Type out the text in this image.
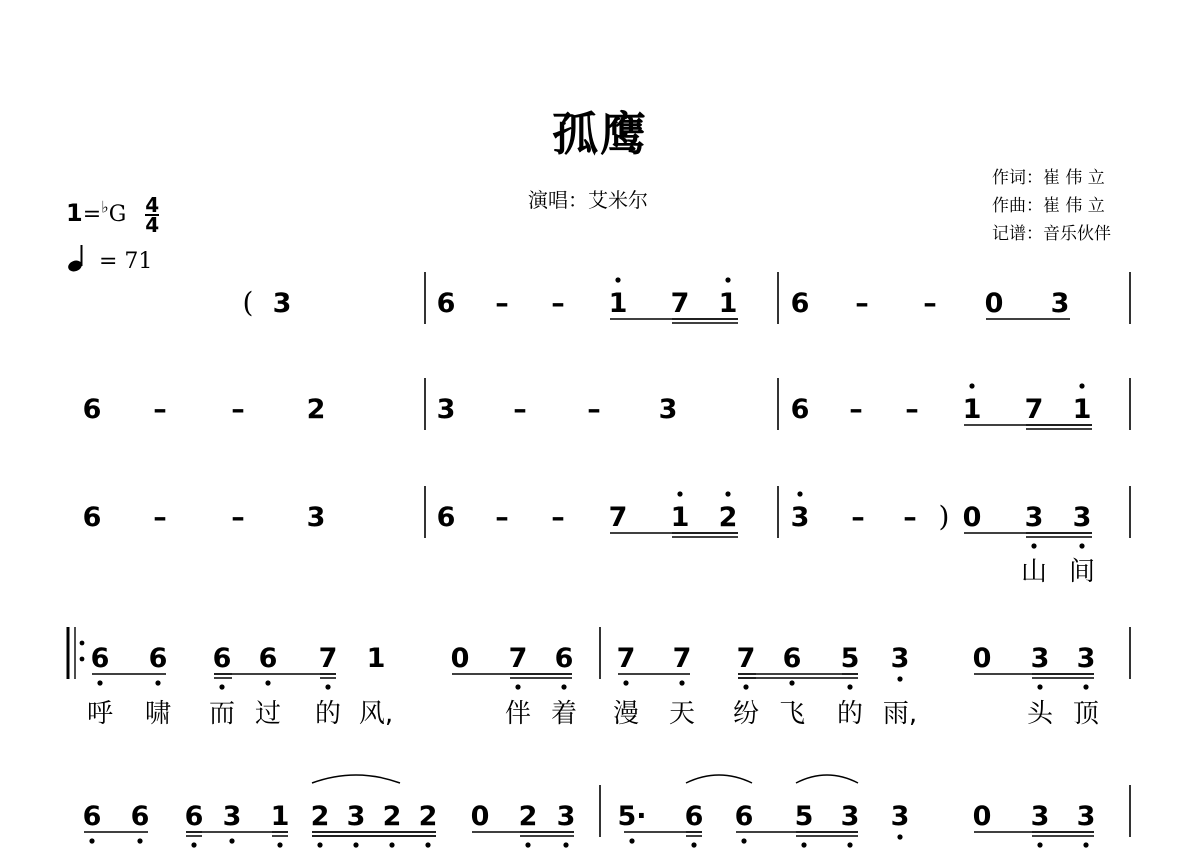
孤鹰
演唱：艾米尔
作词：崔 伟 立
作曲：崔 伟 立
记谱：音乐伙伴
$1=^♭G \frac{4}{4}$
= 71
( 3	6 – – 1 7 1 6 – – 0 3
6 – – 2	3 – – 3	6 – – 1 7 1
6 – – 3	6 – – 7 1 2 3 – – ) 0 3 3
山 间
6 6 6 6 7 1 0 7 6 7 7 7 6 5 3 0 3 3
呼 啸 而 过 的 风,	伴 着 漫 天 纷 飞 的 雨,	头 顶
6 6 6 3 1 2 3 2 2 0 2 3 5· 6 6 5 3 3 0 3 3
